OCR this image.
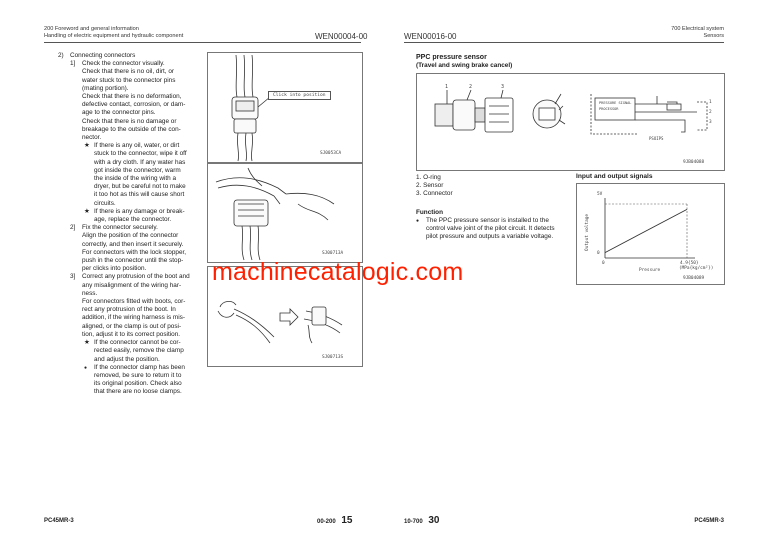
200 Foreword and general information
Handling of electric equipment and hydraulic component	WEN00004-00	WEN00016-00
700 Electrical system
Sensors
2) Connecting connectors
1] Check the connector visually.
Check that there is no oil, dirt, or
water stuck to the connector pins
(mating portion).
Check that there is no deformation,
defective contact, corrosion, or dam-
age to the connector pins.
Check that there is no damage or
breakage to the outside of the con-
nector.
★ If there is any oil, water, or dirt
stuck to the connector, wipe it off
with a dry cloth. If any water has
got inside the connector, warm
the inside of the wiring with a
dryer, but be careful not to make
it too hot as this will cause short
circuits.
★ If there is any damage or break-
age, replace the connector.
2] Fix the connector securely.
Align the position of the connector
correctly, and then insert it securely.
For connectors with the lock stopper,
push in the connector until the stop-
per clicks into position.
3] Correct any protrusion of the boot and
any misalignment of the wiring har-
ness.
For connectors fitted with boots, cor-
rect any protrusion of the boot. In
addition, if the wiring harness is mis-
aligned, or the clamp is out of posi-
tion, adjust it to its correct position.
★ If the connector cannot be cor-
rected easily, remove the clamp
and adjust the position.
● If the connector clamp has been
removed, be sure to return it to
its original position. Check also
that there are no loose clamps.
Click into position
SJ0053CA
SJ00713A
SJ00713S
PPC pressure sensor
(Travel and swing brake cancel)
1	2	3
PRESSURE SIGNAL
PROCESSOR
1
2
3
PSOIPS
9JB04088
1. O-ring
2. Sensor
3. Connector
Function
● The PPC pressure sensor is installed to the
control valve joint of the pilot circuit. It detects
pilot pressure and outputs a variable voltage.
Input and output signals
5V
0
0	4.9{50}
(MPa{kg/cm²})
Pressure
Output voltage
9JB04089
machinecatalogic.com
PC45MR-3	00-200 15	10-700 30	PC45MR-3
